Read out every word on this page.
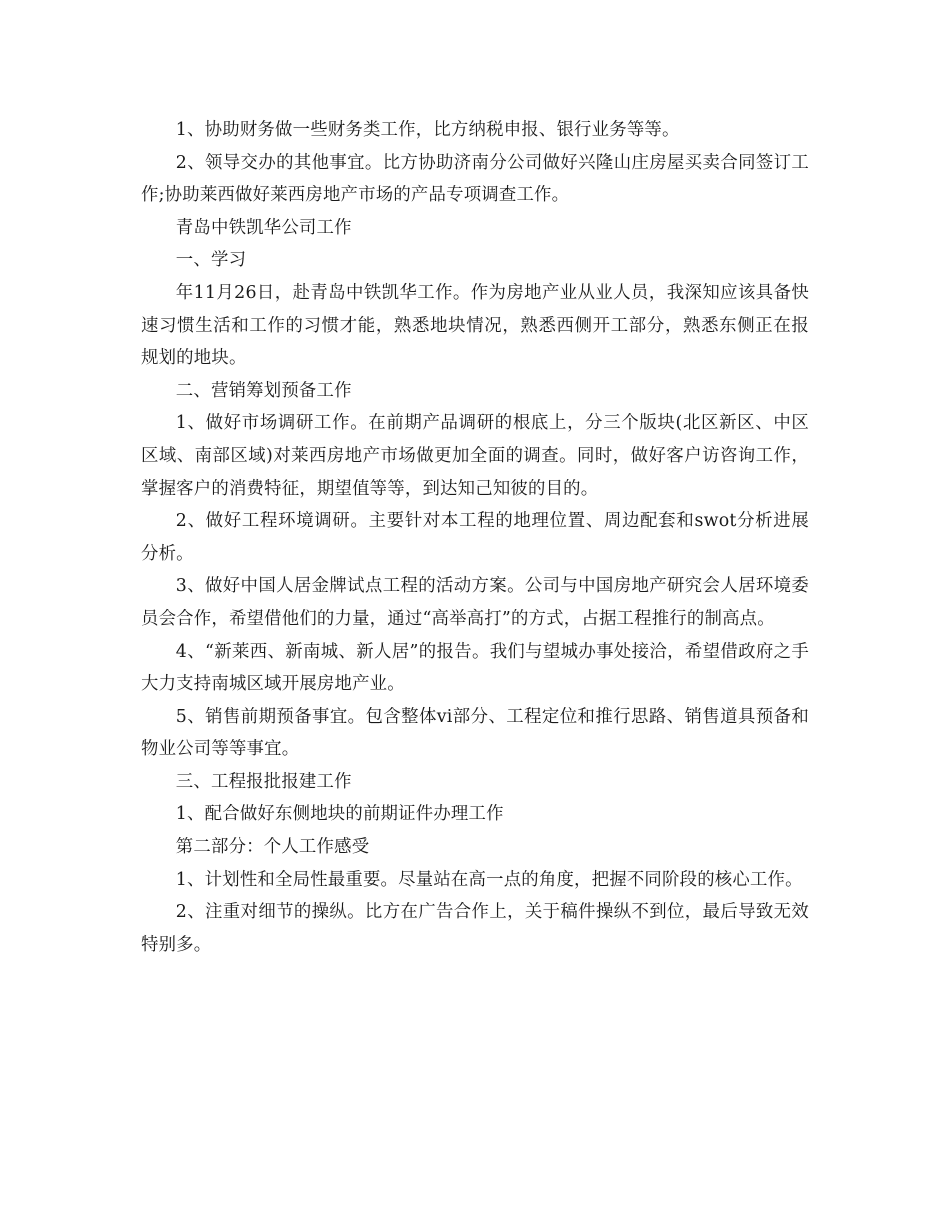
1、协助财务做一些财务类工作，比方纳税申报、银行业务等等。

2、领导交办的其他事宜。比方协助济南分公司做好兴隆山庄房屋买卖合同签订工作;协助莱西做好莱西房地产市场的产品专项调查工作。

青岛中铁凯华公司工作

一、学习

年11月26日，赴青岛中铁凯华工作。作为房地产业从业人员，我深知应该具备快速习惯生活和工作的习惯才能，熟悉地块情况，熟悉西侧开工部分，熟悉东侧正在报规划的地块。

二、营销筹划预备工作

1、做好市场调研工作。在前期产品调研的根底上，分三个版块(北区新区、中区区域、南部区域)对莱西房地产市场做更加全面的调查。同时，做好客户访咨询工作，掌握客户的消费特征，期望值等等，到达知己知彼的目的。

2、做好工程环境调研。主要针对本工程的地理位置、周边配套和swot分析进展分析。

3、做好中国人居金牌试点工程的活动方案。公司与中国房地产研究会人居环境委员会合作，希望借他们的力量，通过“高举高打”的方式，占据工程推行的制高点。

4、“新莱西、新南城、新人居”的报告。我们与望城办事处接洽，希望借政府之手大力支持南城区域开展房地产业。

5、销售前期预备事宜。包含整体vi部分、工程定位和推行思路、销售道具预备和物业公司等等事宜。

三、工程报批报建工作

1、配合做好东侧地块的前期证件办理工作

第二部分：个人工作感受

1、计划性和全局性最重要。尽量站在高一点的角度，把握不同阶段的核心工作。

2、注重对细节的操纵。比方在广告合作上，关于稿件操纵不到位，最后导致无效特别多。
